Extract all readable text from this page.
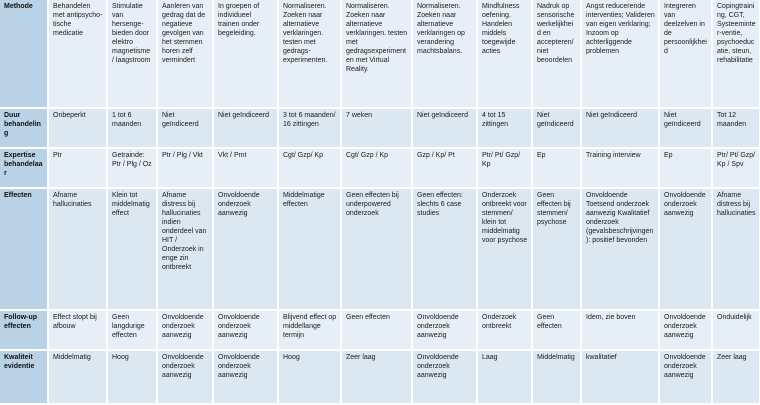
Methode	Behandelen met antipsycho-tische medicatie	Stimulatie van hersenge-bieden door elektro magnetisme / laagstroom	Aanleren van gedrag dat de negatieve gevolgen van het stemmen horen zelf vermindert	In groepen of individueel trainen onder begeleiding.	Normaliseren. Zoeken naar alternatieve verklaringen. testen met gedrags-experimenten.	Normaliseren. Zoeken naar alternatieve verklaringen. testen met gedragsexperiment en met Virtual Reality.	Normaliseren. Zoeken naar alternatieve verklaringen op verandering machtsbalans.	Mindfulness oefening. Handelen middels toegewijde acties	Nadruk op sensorische werkelijkheid en accepteren/ niet beoordelen	Angst reducerende interventies; Valideren van eigen verklaring; Inzoom op achterliggende problemen	Integreren van deelzelven in de persoonlijkheid	Copingtraining, CGT, Systeeminter-ventie, psychoeducatie, steun, rehabilitatie
Duur behandeling	Onbeperkt	1 tot 6 maanden	Niet geïndiceerd	Niet geïndiceerd	3 tot 6 maanden/ 16 zittingen	7 weken	Niet geïndiceerd	4 tot 15 zittingen	Niet geïndiceerd	Niet geïndiceerd	Niet geïndiceerd	Tot 12 maanden
Expertise behandelaar	Ptr	Getrainde: Ptr / Plg / Oz	Ptr / Plg / Vkt	Vkt / Pmt	Cgt/ Gzp/ Kp	Cgt/ Gzp / Kp	Gzp / Kp/ Pt	Ptr/ Pt/ Gzp/ Kp	Ep	Training interview	Ep	Ptr/ Pt/ Gzp/ Kp / Spv
Effecten	Afname hallucinaties	Klein tot middelmatig effect	Afname distress bij hallucinaties indien onderdeel van HIT / Onderzoek in enge zin ontbreekt	Onvoldoende onderzoek aanwezig	Middelmatige effecten	Geen effecten bij underpowered onderzoek	Geen effecten: slechts 6 case studies	Onderzoek ontbreekt voor stemmen/ klein tot middelmatig voor psychose	Geen effecten bij stemmen/ psychose	Onvoldoende Toetsend onderzoek aanwezig Kwalitatief onderzoek (gevalsbeschrijvingen): positief bevonden	Onvoldoende onderzoek aanwezig	Afname distress bij hallucinaties
Follow-up effecten	Effect stopt bij afbouw	Geen langdurige effecten	Onvoldoende onderzoek aanwezig	Onvoldoende onderzoek aanwezig	Blijvend effect op middellange termijn	Geen effecten	Onvoldoende onderzoek aanwezig	Onderzoek ontbreekt	Geen effecten	Idem, zie boven	Onvoldoende onderzoek aanwezig	Onduidelijk
Kwaliteit evidentie	Middelmatig	Hoog	Onvoldoende onderzoek aanwezig	Onvoldoende onderzoek aanwezig	Hoog	Zeer laag	Onvoldoende onderzoek aanwezig	Laag	Middelmatig	kwalitatief	Onvoldoende onderzoek aanwezig	Zeer laag
